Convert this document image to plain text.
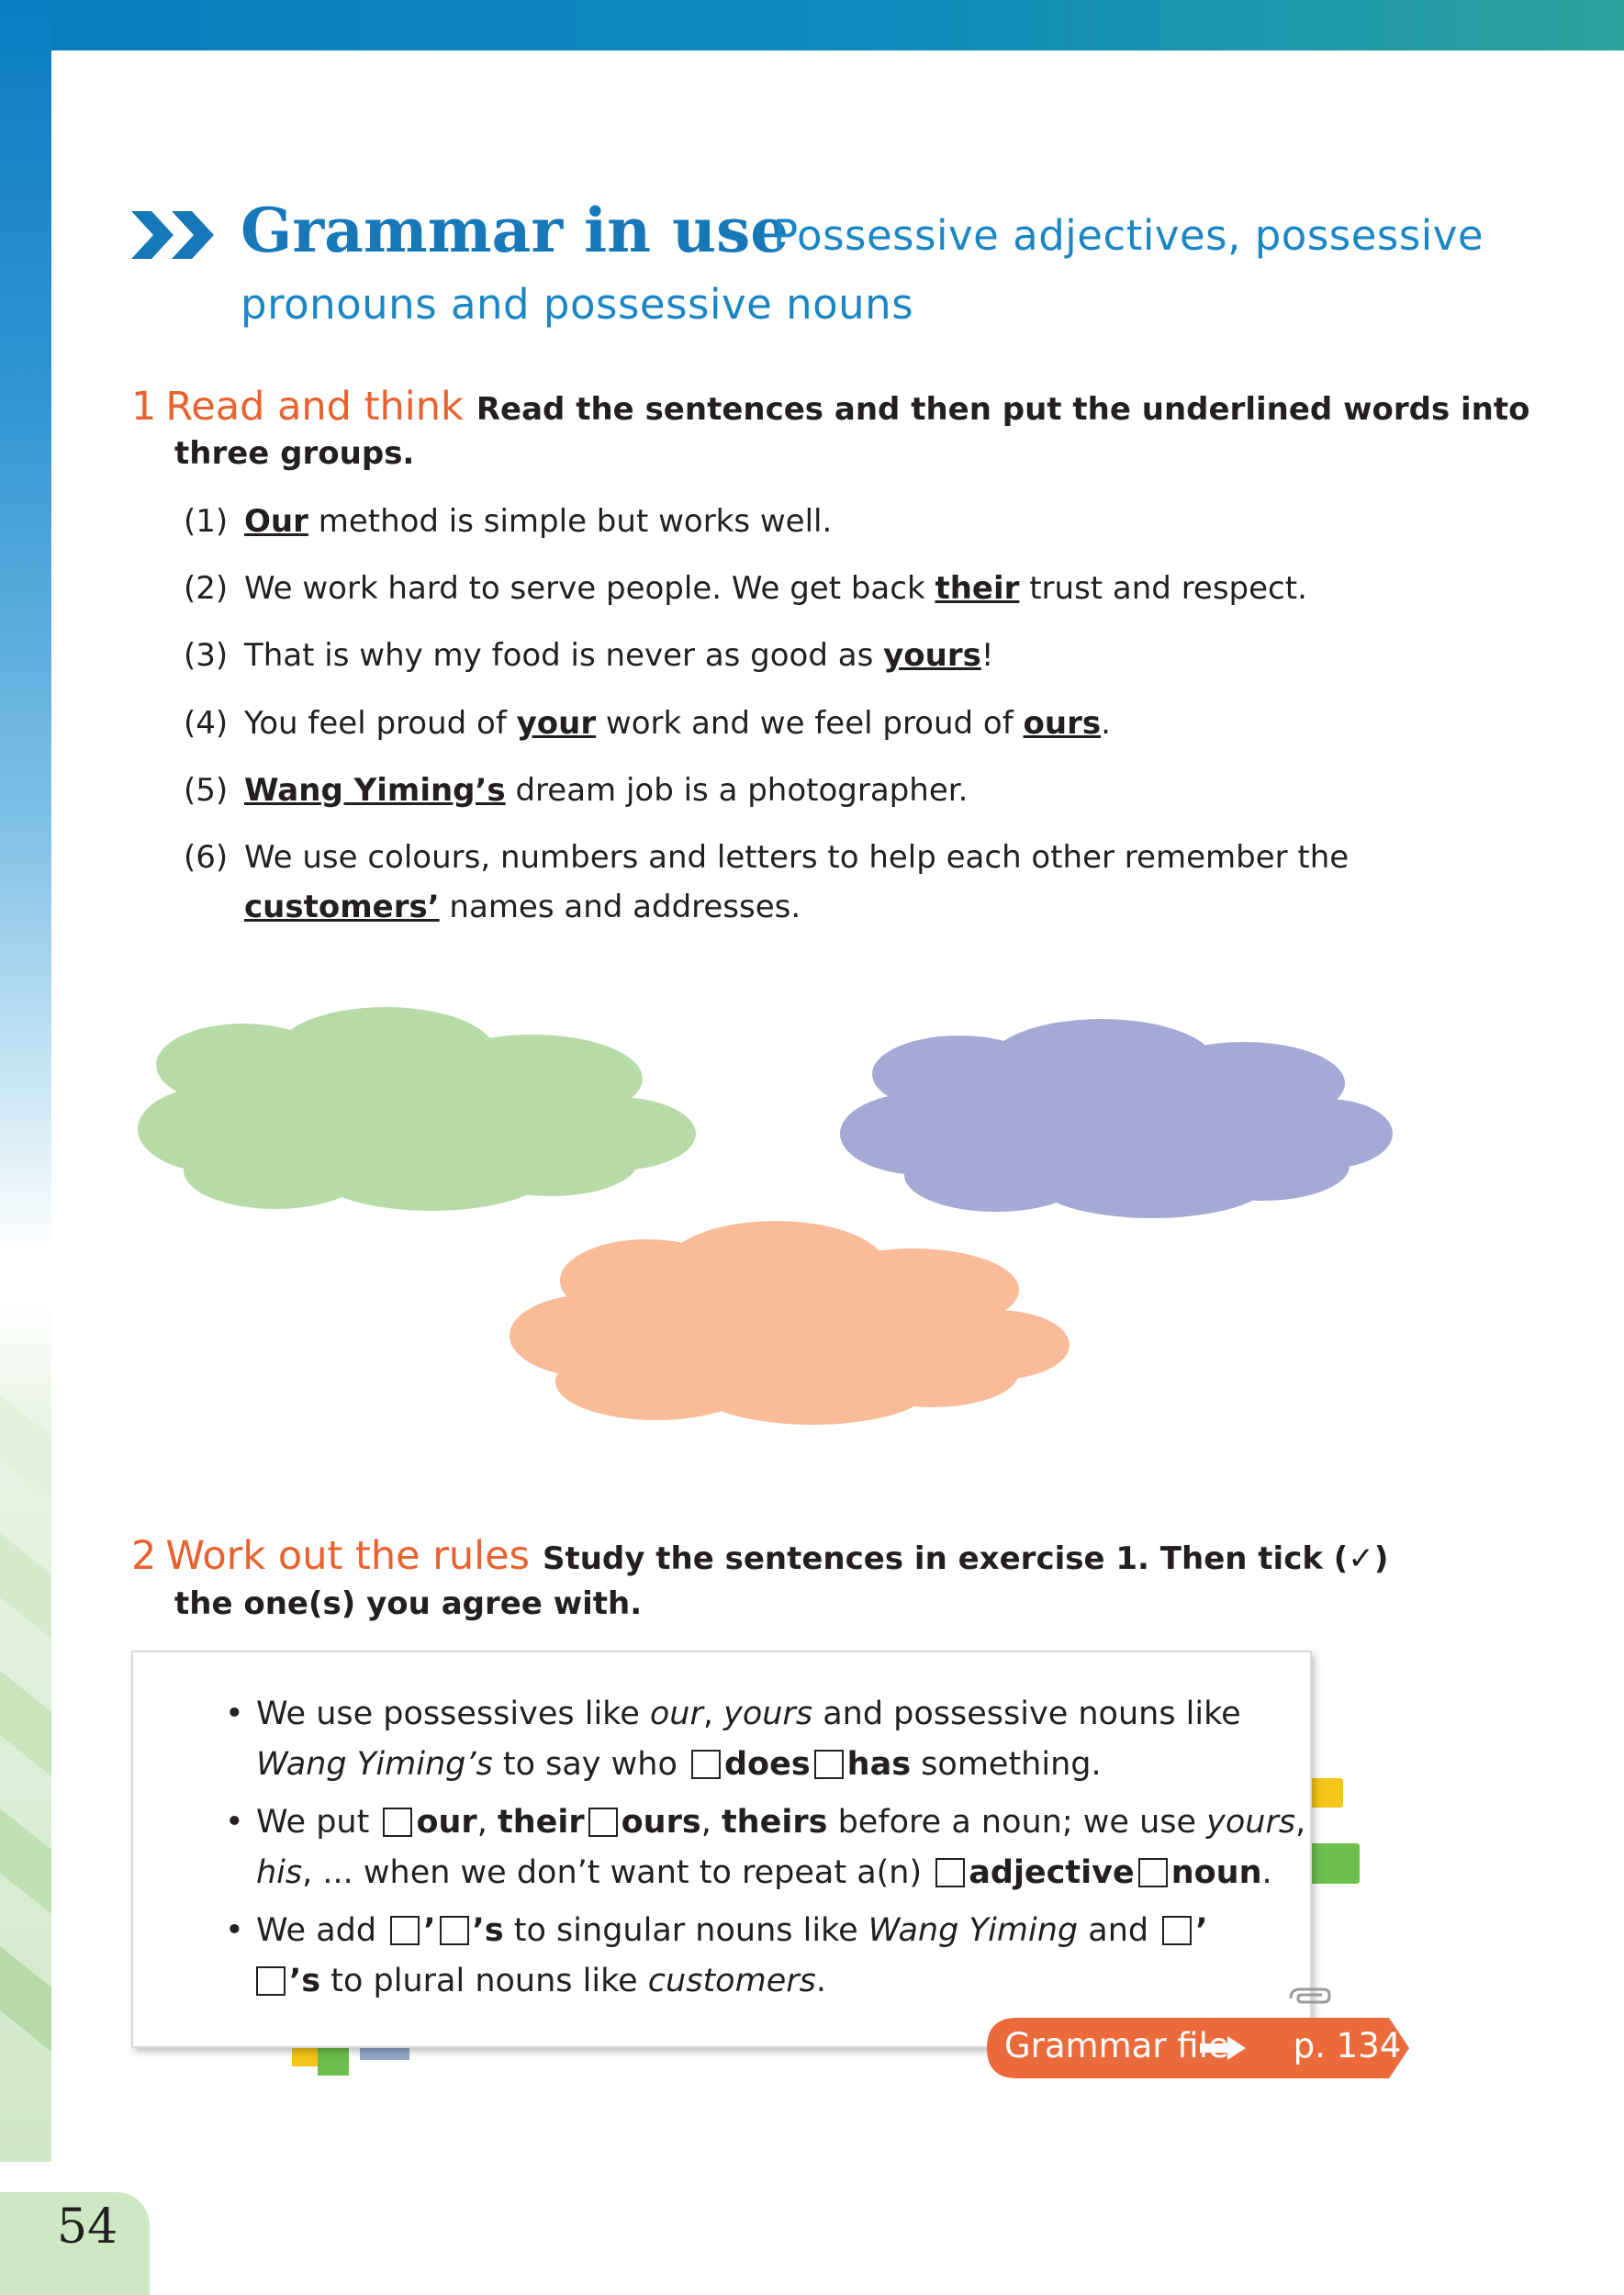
54
Grammar in use
Possessive adjectives, possessive
pronouns and possessive nouns
1 Read and think Read the sentences and then put the underlined words into
three groups.
(1) Our method is simple but works well.
(2) We work hard to serve people. We get back their trust and respect.
(3) That is why my food is never as good as yours!
(4) You feel proud of your work and we feel proud of ours.
(5) Wang Yiming’s dream job is a photographer.
(6) We use colours, numbers and letters to help each other remember the
customers’ names and addresses.
2 Work out the rules Study the sentences in exercise 1. Then tick (✓)
the one(s) you agree with.
• We use possessives like our, yours and possessive nouns like
Wang Yiming’s to say who does has something.
• We put our, their ours, theirs before a noun; we use yours,
his, ... when we don’t want to repeat a(n) adjective noun.
• We add ’ ’s to singular nouns like Wang Yiming and ’
’s to plural nouns like customers.
Grammar file p. 134
